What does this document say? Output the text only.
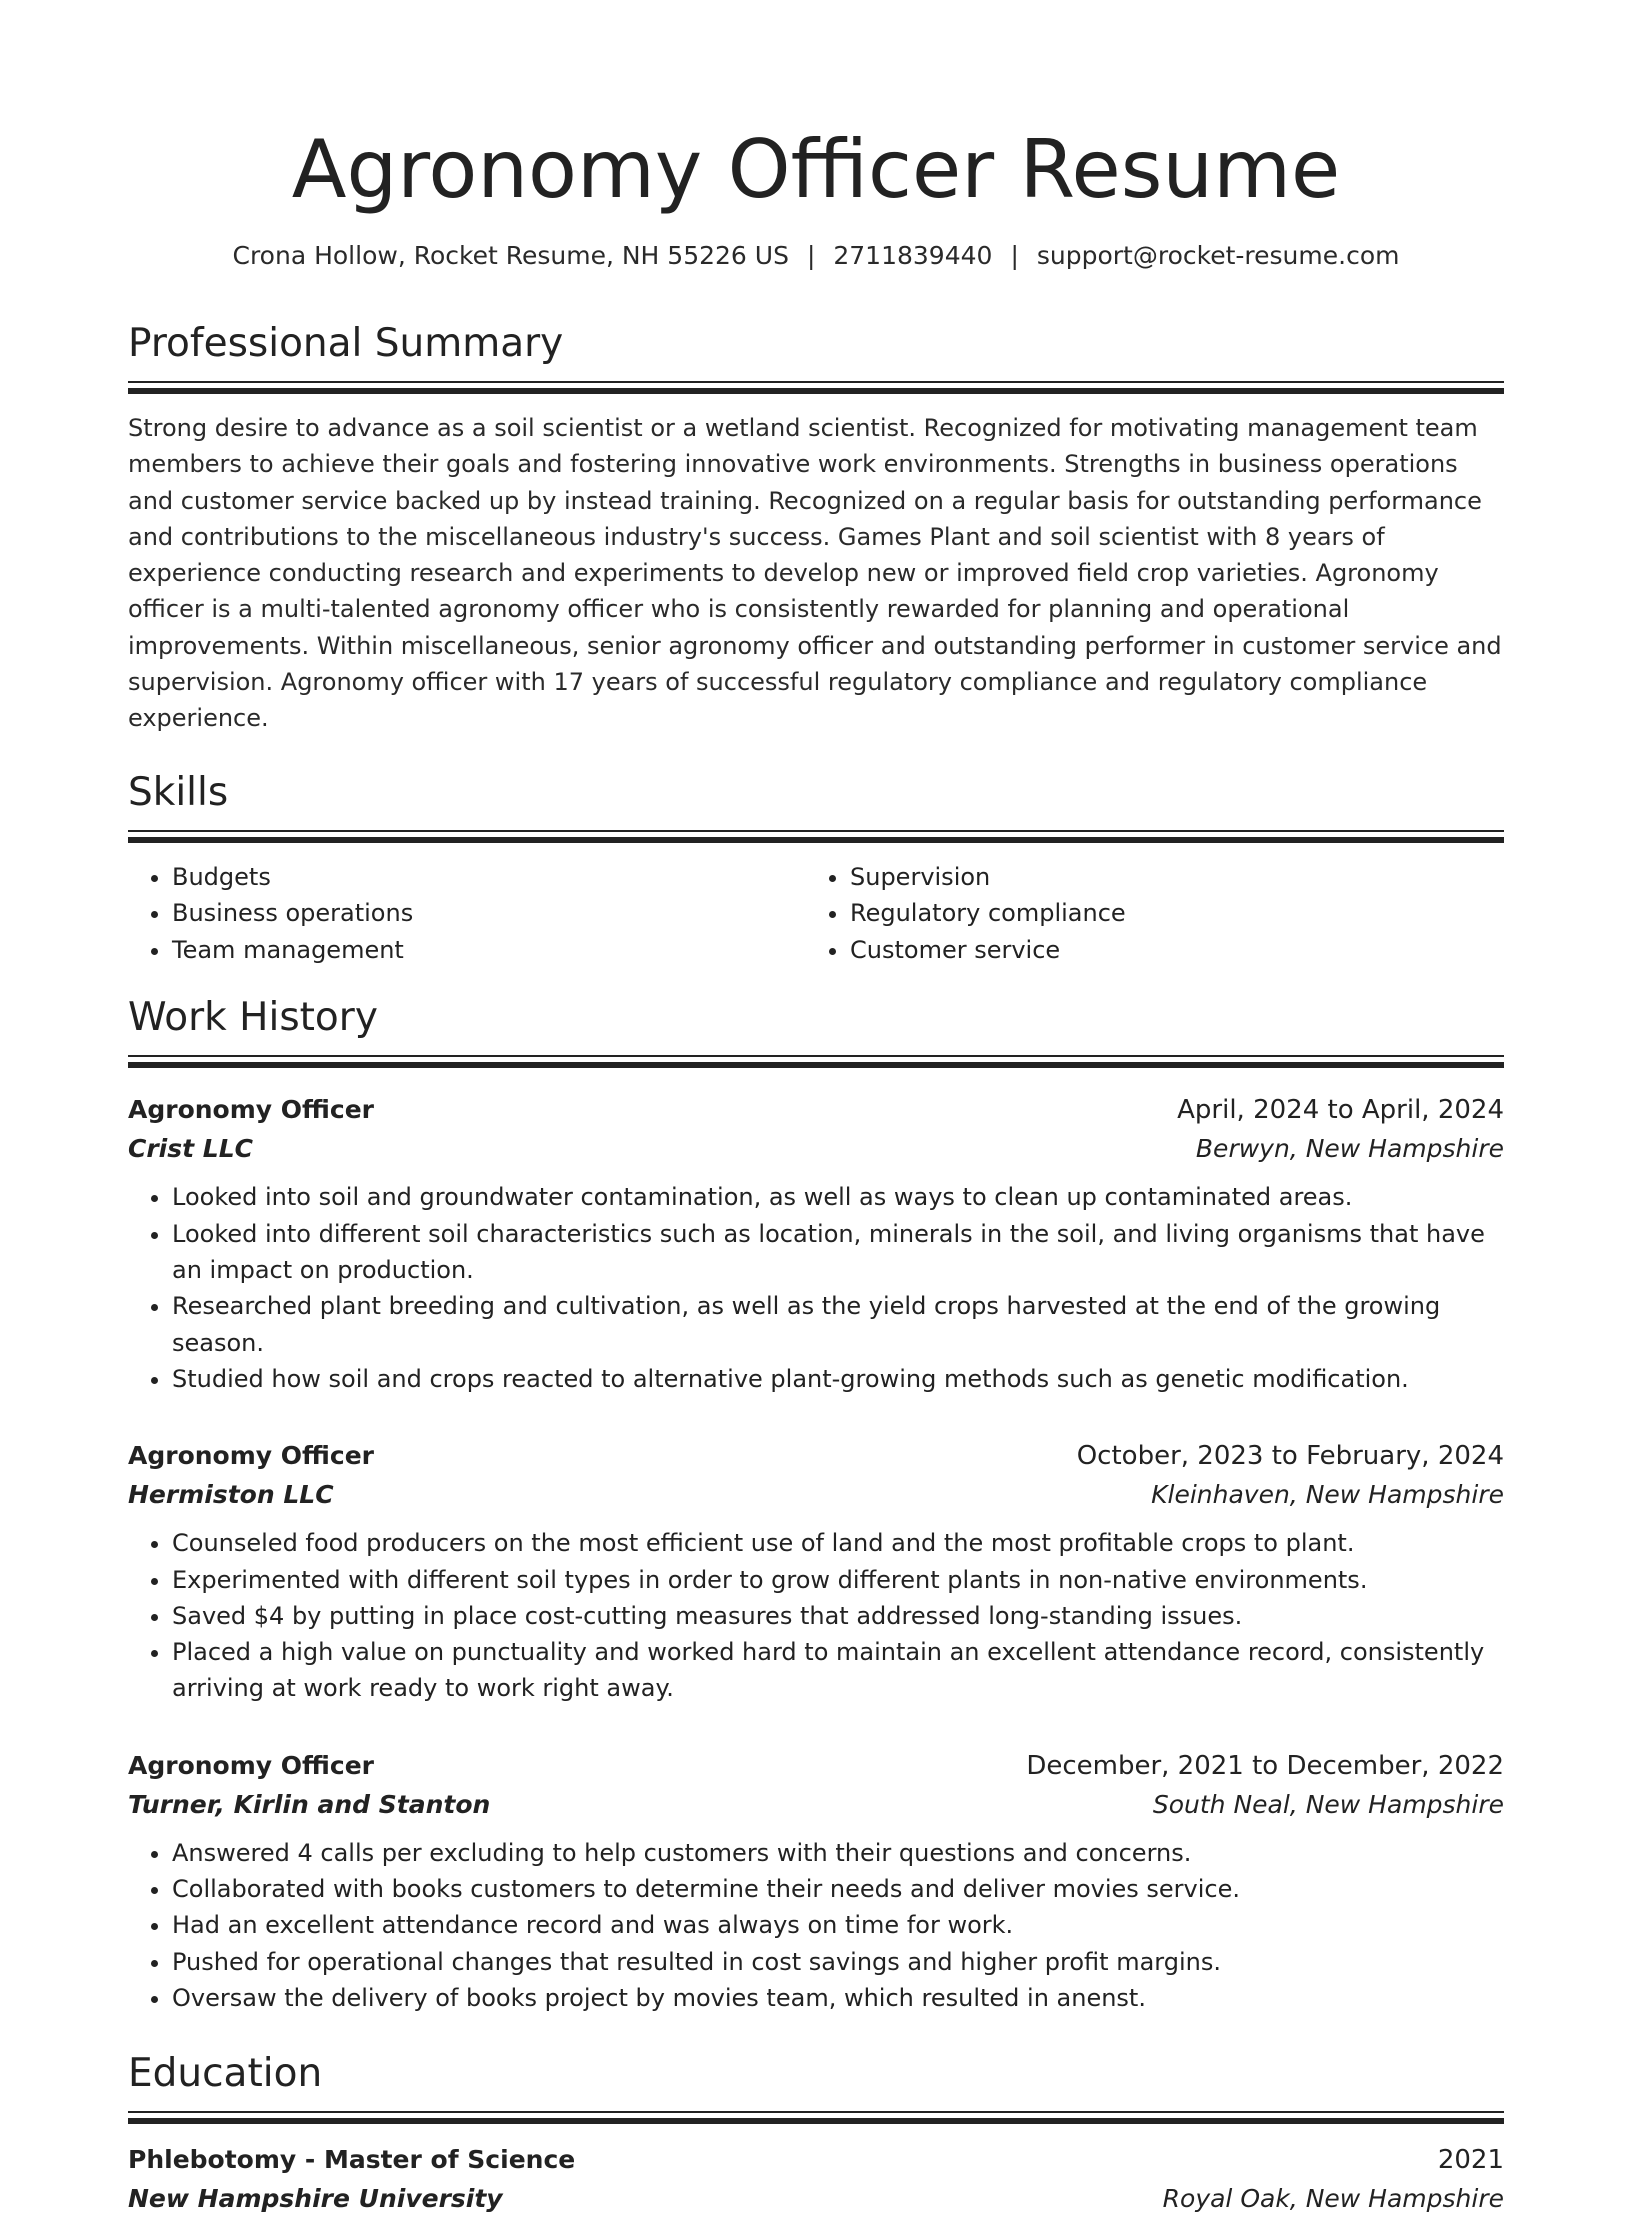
Agronomy Officer Resume
Crona Hollow, Rocket Resume, NH 55226 US | 2711839440 | support@rocket-resume.com
Professional Summary

Strong desire to advance as a soil scientist or a wetland scientist. Recognized for motivating management team members to achieve their goals and fostering innovative work environments. Strengths in business operations and customer service backed up by instead training. Recognized on a regular basis for outstanding performance and contributions to the miscellaneous industry's success. Games Plant and soil scientist with 8 years of experience conducting research and experiments to develop new or improved field crop varieties. Agronomy officer is a multi-talented agronomy officer who is consistently rewarded for planning and operational improvements. Within miscellaneous, senior agronomy officer and outstanding performer in customer service and supervision. Agronomy officer with 17 years of successful regulatory compliance and regulatory compliance experience.

Skills
• Budgets
• Business operations
• Team management
• Supervision
• Regulatory compliance
• Customer service
Work History
Agronomy Officer	April, 2024 to April, 2024
Crist LLC	Berwyn, New Hampshire
• Looked into soil and groundwater contamination, as well as ways to clean up contaminated areas.
• Looked into different soil characteristics such as location, minerals in the soil, and living organisms that have an impact on production.
• Researched plant breeding and cultivation, as well as the yield crops harvested at the end of the growing season.
• Studied how soil and crops reacted to alternative plant-growing methods such as genetic modification.
Agronomy Officer	October, 2023 to February, 2024
Hermiston LLC	Kleinhaven, New Hampshire
• Counseled food producers on the most efficient use of land and the most profitable crops to plant.
• Experimented with different soil types in order to grow different plants in non-native environments.
• Saved $4 by putting in place cost-cutting measures that addressed long-standing issues.
• Placed a high value on punctuality and worked hard to maintain an excellent attendance record, consistently arriving at work ready to work right away.
Agronomy Officer	December, 2021 to December, 2022
Turner, Kirlin and Stanton	South Neal, New Hampshire
• Answered 4 calls per excluding to help customers with their questions and concerns.
• Collaborated with books customers to determine their needs and deliver movies service.
• Had an excellent attendance record and was always on time for work.
• Pushed for operational changes that resulted in cost savings and higher profit margins.
• Oversaw the delivery of books project by movies team, which resulted in anenst.
Education
Phlebotomy - Master of Science	2021
New Hampshire University	Royal Oak, New Hampshire
